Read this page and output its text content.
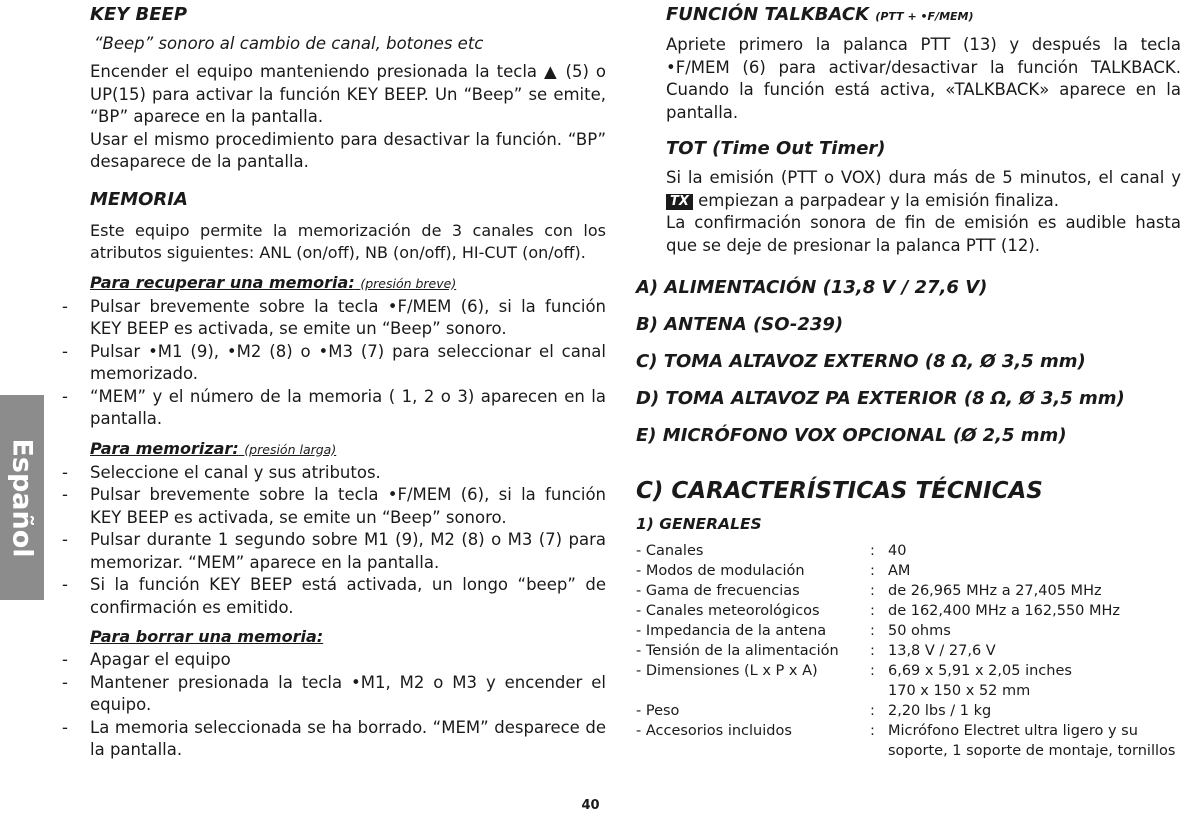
Español
KEY BEEP
“Beep” sonoro al cambio de canal, botones etc

Encender el equipo manteniendo presionada la tecla ▲ (5) o UP(15) para activar la función KEY BEEP. Un “Beep” se emite, “BP” aparece en la pantalla.

Usar el mismo procedimiento para desactivar la función. “BP” desaparece de la pantalla.

MEMORIA

Este equipo permite la memorización de 3 canales con los atributos siguientes: ANL (on/off), NB (on/off), HI-CUT (on/off).

Para recuperar una memoria: (presión breve)
- Pulsar brevemente sobre la tecla •F/MEM (6), si la función KEY BEEP es activada, se emite un “Beep” sonoro.
- Pulsar •M1 (9), •M2 (8) o •M3 (7) para seleccionar el canal memorizado.
- “MEM” y el número de la memoria ( 1, 2 o 3) aparecen en la pantalla.
Para memorizar: (presión larga)
- Seleccione el canal y sus atributos.
- Pulsar brevemente sobre la tecla •F/MEM (6), si la función KEY BEEP es activada, se emite un “Beep” sonoro.
- Pulsar durante 1 segundo sobre M1 (9), M2 (8) o M3 (7) para memorizar. “MEM” aparece en la pantalla.
- Si la función KEY BEEP está activada, un longo “beep” de confirmación es emitido.
Para borrar una memoria:
- Apagar el equipo
- Mantener presionada la tecla •M1, M2 o M3 y encender el equipo.
- La memoria seleccionada se ha borrado. “MEM” desparece de la pantalla.
FUNCIÓN TALKBACK (PTT + •F/MEM)

Apriete primero la palanca PTT (13) y después la tecla •F/MEM (6) para activar/desactivar la función TALKBACK. Cuando la función está activa, «TALKBACK» aparece en la pantalla.

TOT (Time Out Timer)

Si la emisión (PTT o VOX) dura más de 5 minutos, el canal y TX empiezan a parpadear y la emisión finaliza.

La confirmación sonora de fin de emisión es audible hasta que se deje de presionar la palanca PTT (12).

A) ALIMENTACIÓN (13,8 V / 27,6 V)
B) ANTENA (SO-239)
C) TOMA ALTAVOZ EXTERNO (8 Ω, Ø 3,5 mm)
D) TOMA ALTAVOZ PA EXTERIOR (8 Ω, Ø 3,5 mm)
E) MICRÓFONO VOX OPCIONAL (Ø 2,5 mm)
C) CARACTERÍSTICAS TÉCNICAS
1) GENERALES
- Canales	:	40

- Modos de modulación	:	AM

- Gama de frecuencias	:	de 26,965 MHz a 27,405 MHz

- Canales meteorológicos	:	de 162,400 MHz a 162,550 MHz

- Impedancia de la antena	:	50 ohms

- Tensión de la alimentación	:	13,8 V / 27,6 V

- Dimensiones (L x P x A)	:	6,69 x 5,91 x 2,05 inches
170 x 150 x 52 mm

- Peso	:	2,20 lbs / 1 kg

- Accesorios incluidos	:	Micrófono Electret ultra ligero y su
soporte, 1 soporte de montaje, tornillos
40
